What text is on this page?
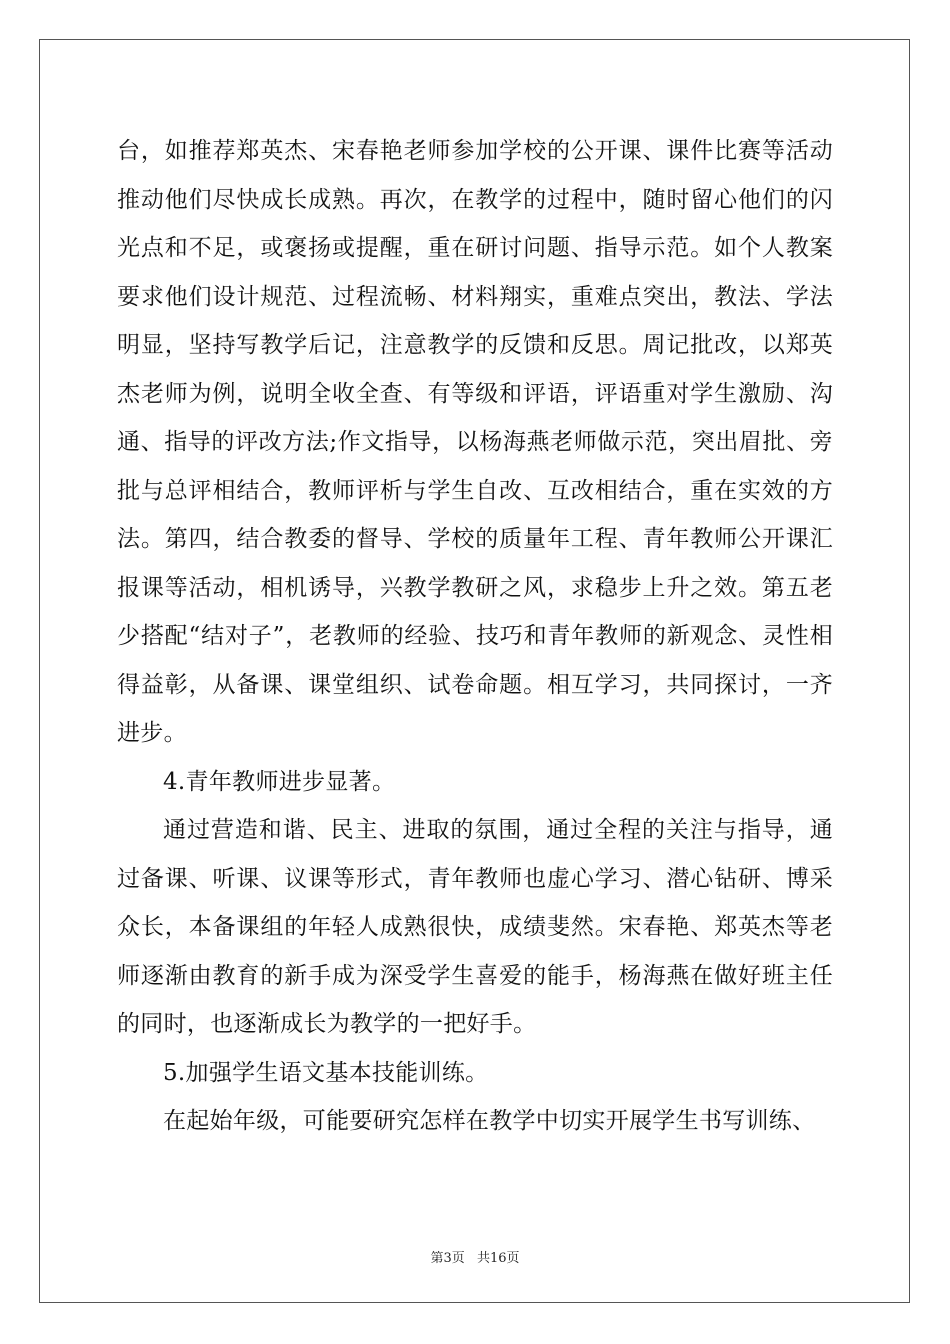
台，如推荐郑英杰、宋春艳老师参加学校的公开课、课件比赛等活动推动他们尽快成长成熟。再次，在教学的过程中，随时留心他们的闪光点和不足，或褒扬或提醒，重在研讨问题、指导示范。如个人教案要求他们设计规范、过程流畅、材料翔实，重难点突出，教法、学法明显，坚持写教学后记，注意教学的反馈和反思。周记批改，以郑英杰老师为例，说明全收全查、有等级和评语，评语重对学生激励、沟通、指导的评改方法;作文指导，以杨海燕老师做示范，突出眉批、旁批与总评相结合，教师评析与学生自改、互改相结合，重在实效的方法。第四，结合教委的督导、学校的质量年工程、青年教师公开课汇报课等活动，相机诱导，兴教学教研之风，求稳步上升之效。第五老少搭配“结对子”，老教师的经验、技巧和青年教师的新观念、灵性相得益彰，从备课、课堂组织、试卷命题。相互学习，共同探讨，一齐进步。

4.青年教师进步显著。

通过营造和谐、民主、进取的氛围，通过全程的关注与指导，通过备课、听课、议课等形式，青年教师也虚心学习、潜心钻研、博采众长，本备课组的年轻人成熟很快，成绩斐然。宋春艳、郑英杰等老师逐渐由教育的新手成为深受学生喜爱的能手，杨海燕在做好班主任的同时，也逐渐成长为教学的一把好手。

5.加强学生语文基本技能训练。

在起始年级，可能要研究怎样在教学中切实开展学生书写训练、

第3页 共16页
